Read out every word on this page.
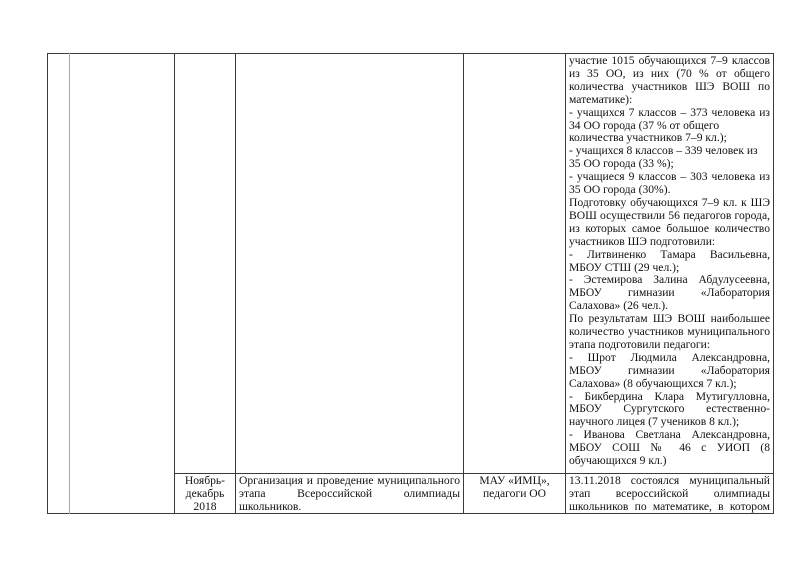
участие 1015 обучающихся 7–9 классов

из 35 ОО, из них (70 % от общего

количества участников ШЭ ВОШ по

математике):

- учащихся 7 классов – 373 человека из

34 ОО города (37 % от общего

количества участников 7–9 кл.);

- учащихся 8 классов – 339 человек из

35 ОО города (33 %);

- учащиеся 9 классов – 303 человека из

35 ОО города (30%).

Подготовку обучающихся 7–9 кл. к ШЭ

ВОШ осуществили 56 педагогов города,

из которых самое большое количество

участников ШЭ подготовили:

- Литвиненко Тамара Васильевна,

МБОУ СТШ (29 чел.);

- Эстемирова Залина Абдулусеевна,

МБОУ гимназии «Лаборатория

Салахова» (26 чел.).

По результатам ШЭ ВОШ наибольшее

количество участников муниципального

этапа подготовили педагоги:

- Шрот Людмила Александровна,

МБОУ гимназии «Лаборатория

Салахова» (8 обучающихся 7 кл.);

- Бикбердина Клара Мутигулловна,

МБОУ Сургутского естественно-

научного лицея (7 учеников 8 кл.);

- Иванова Светлана Александровна,

МБОУ СОШ № 46 с УИОП (8

обучающихся 9 кл.)

Ноябрь-

декабрь

2018

Организация и проведение муниципального

этапа Всероссийской олимпиады

школьников.

МАУ «ИМЦ»,

педагоги ОО

13.11.2018 состоялся муниципальный

этап всероссийской олимпиады

школьников по математике, в котором
